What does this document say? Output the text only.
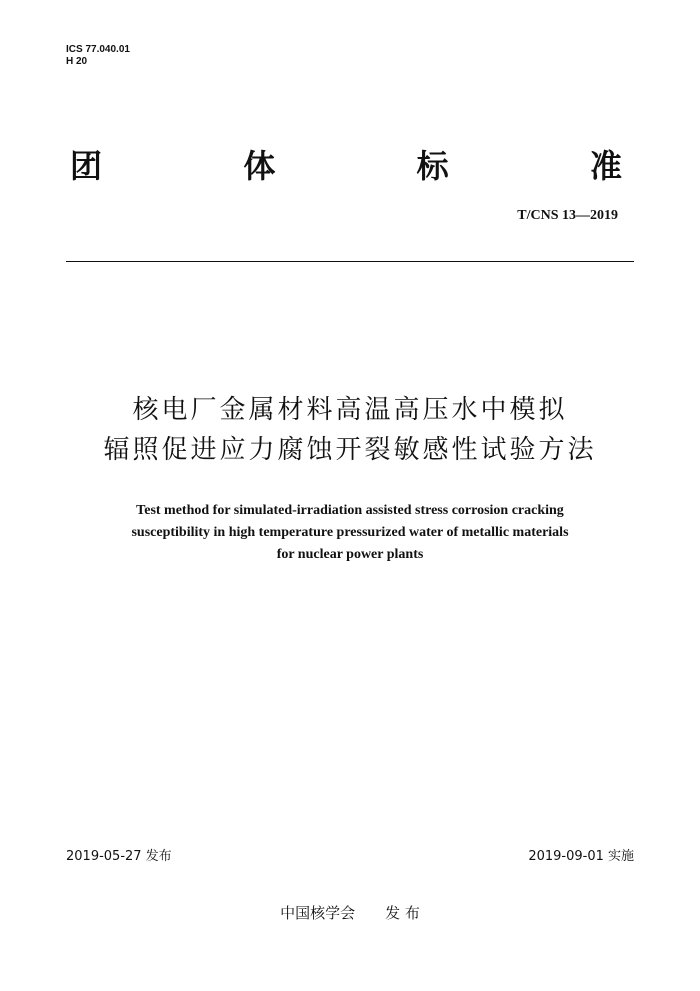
ICS 77.040.01
H 20
团	体	标	准
T/CNS 13—2019
核电厂金属材料高温高压水中模拟
辐照促进应力腐蚀开裂敏感性试验方法
Test method for simulated-irradiation assisted stress corrosion cracking
susceptibility in high temperature pressurized water of metallic materials
for nuclear power plants
2019-05-27 发布	2019-09-01 实施
中国核学会 发 布
